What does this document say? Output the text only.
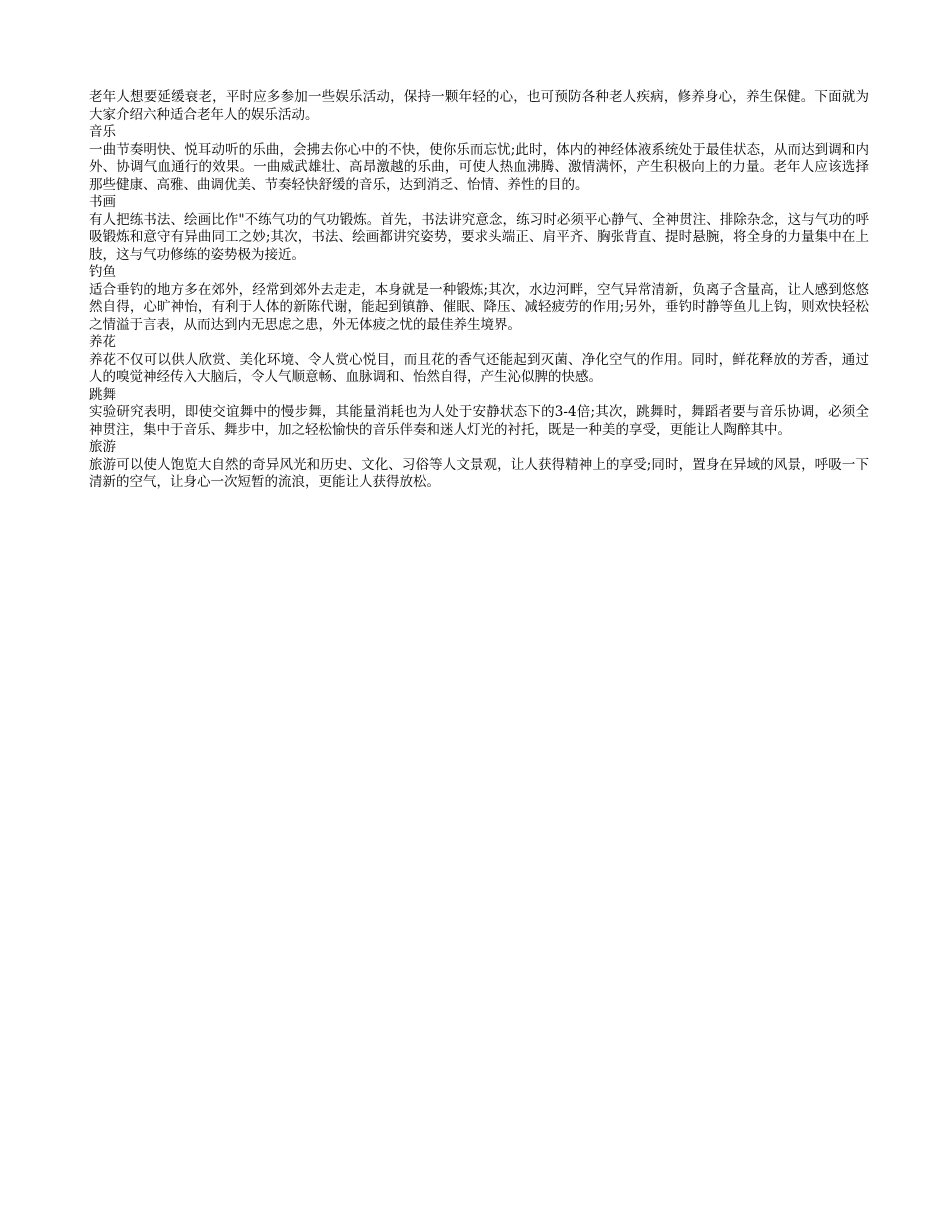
老年人想要延缓衰老，平时应多参加一些娱乐活动，保持一颗年轻的心，也可预防各种老人疾病，修养身心，养生保健。下面就为大家介绍六种适合老年人的娱乐活动。

音乐

一曲节奏明快、悦耳动听的乐曲，会拂去你心中的不快，使你乐而忘忧;此时，体内的神经体液系统处于最佳状态，从而达到调和内外、协调气血通行的效果。一曲威武雄壮、高昂激越的乐曲，可使人热血沸腾、激情满怀，产生积极向上的力量。老年人应该选择那些健康、高雅、曲调优美、节奏轻快舒缓的音乐，达到消乏、怡情、养性的目的。

书画

有人把练书法、绘画比作"不练气功的气功锻炼。首先，书法讲究意念，练习时必须平心静气、全神贯注、排除杂念，这与气功的呼吸锻炼和意守有异曲同工之妙;其次，书法、绘画都讲究姿势，要求头端正、肩平齐、胸张背直、提时悬腕，将全身的力量集中在上肢，这与气功修练的姿势极为接近。

钓鱼

适合垂钓的地方多在郊外，经常到郊外去走走，本身就是一种锻炼;其次，水边河畔，空气异常清新，负离子含量高，让人感到悠悠然自得，心旷神怡，有利于人体的新陈代谢，能起到镇静、催眠、降压、减轻疲劳的作用;另外，垂钓时静等鱼儿上钩，则欢快轻松之情溢于言表，从而达到内无思虑之患，外无体疲之忧的最佳养生境界。

养花

养花不仅可以供人欣赏、美化环境、令人赏心悦目，而且花的香气还能起到灭菌、净化空气的作用。同时，鲜花释放的芳香，通过人的嗅觉神经传入大脑后，令人气顺意畅、血脉调和、怡然自得，产生沁似脾的快感。

跳舞

实验研究表明，即使交谊舞中的慢步舞，其能量消耗也为人处于安静状态下的3-4倍;其次，跳舞时，舞蹈者要与音乐协调，必须全神贯注，集中于音乐、舞步中，加之轻松愉快的音乐伴奏和迷人灯光的衬托，既是一种美的享受，更能让人陶醉其中。

旅游

旅游可以使人饱览大自然的奇异风光和历史、文化、习俗等人文景观，让人获得精神上的享受;同时，置身在异域的风景，呼吸一下清新的空气，让身心一次短暂的流浪，更能让人获得放松。
